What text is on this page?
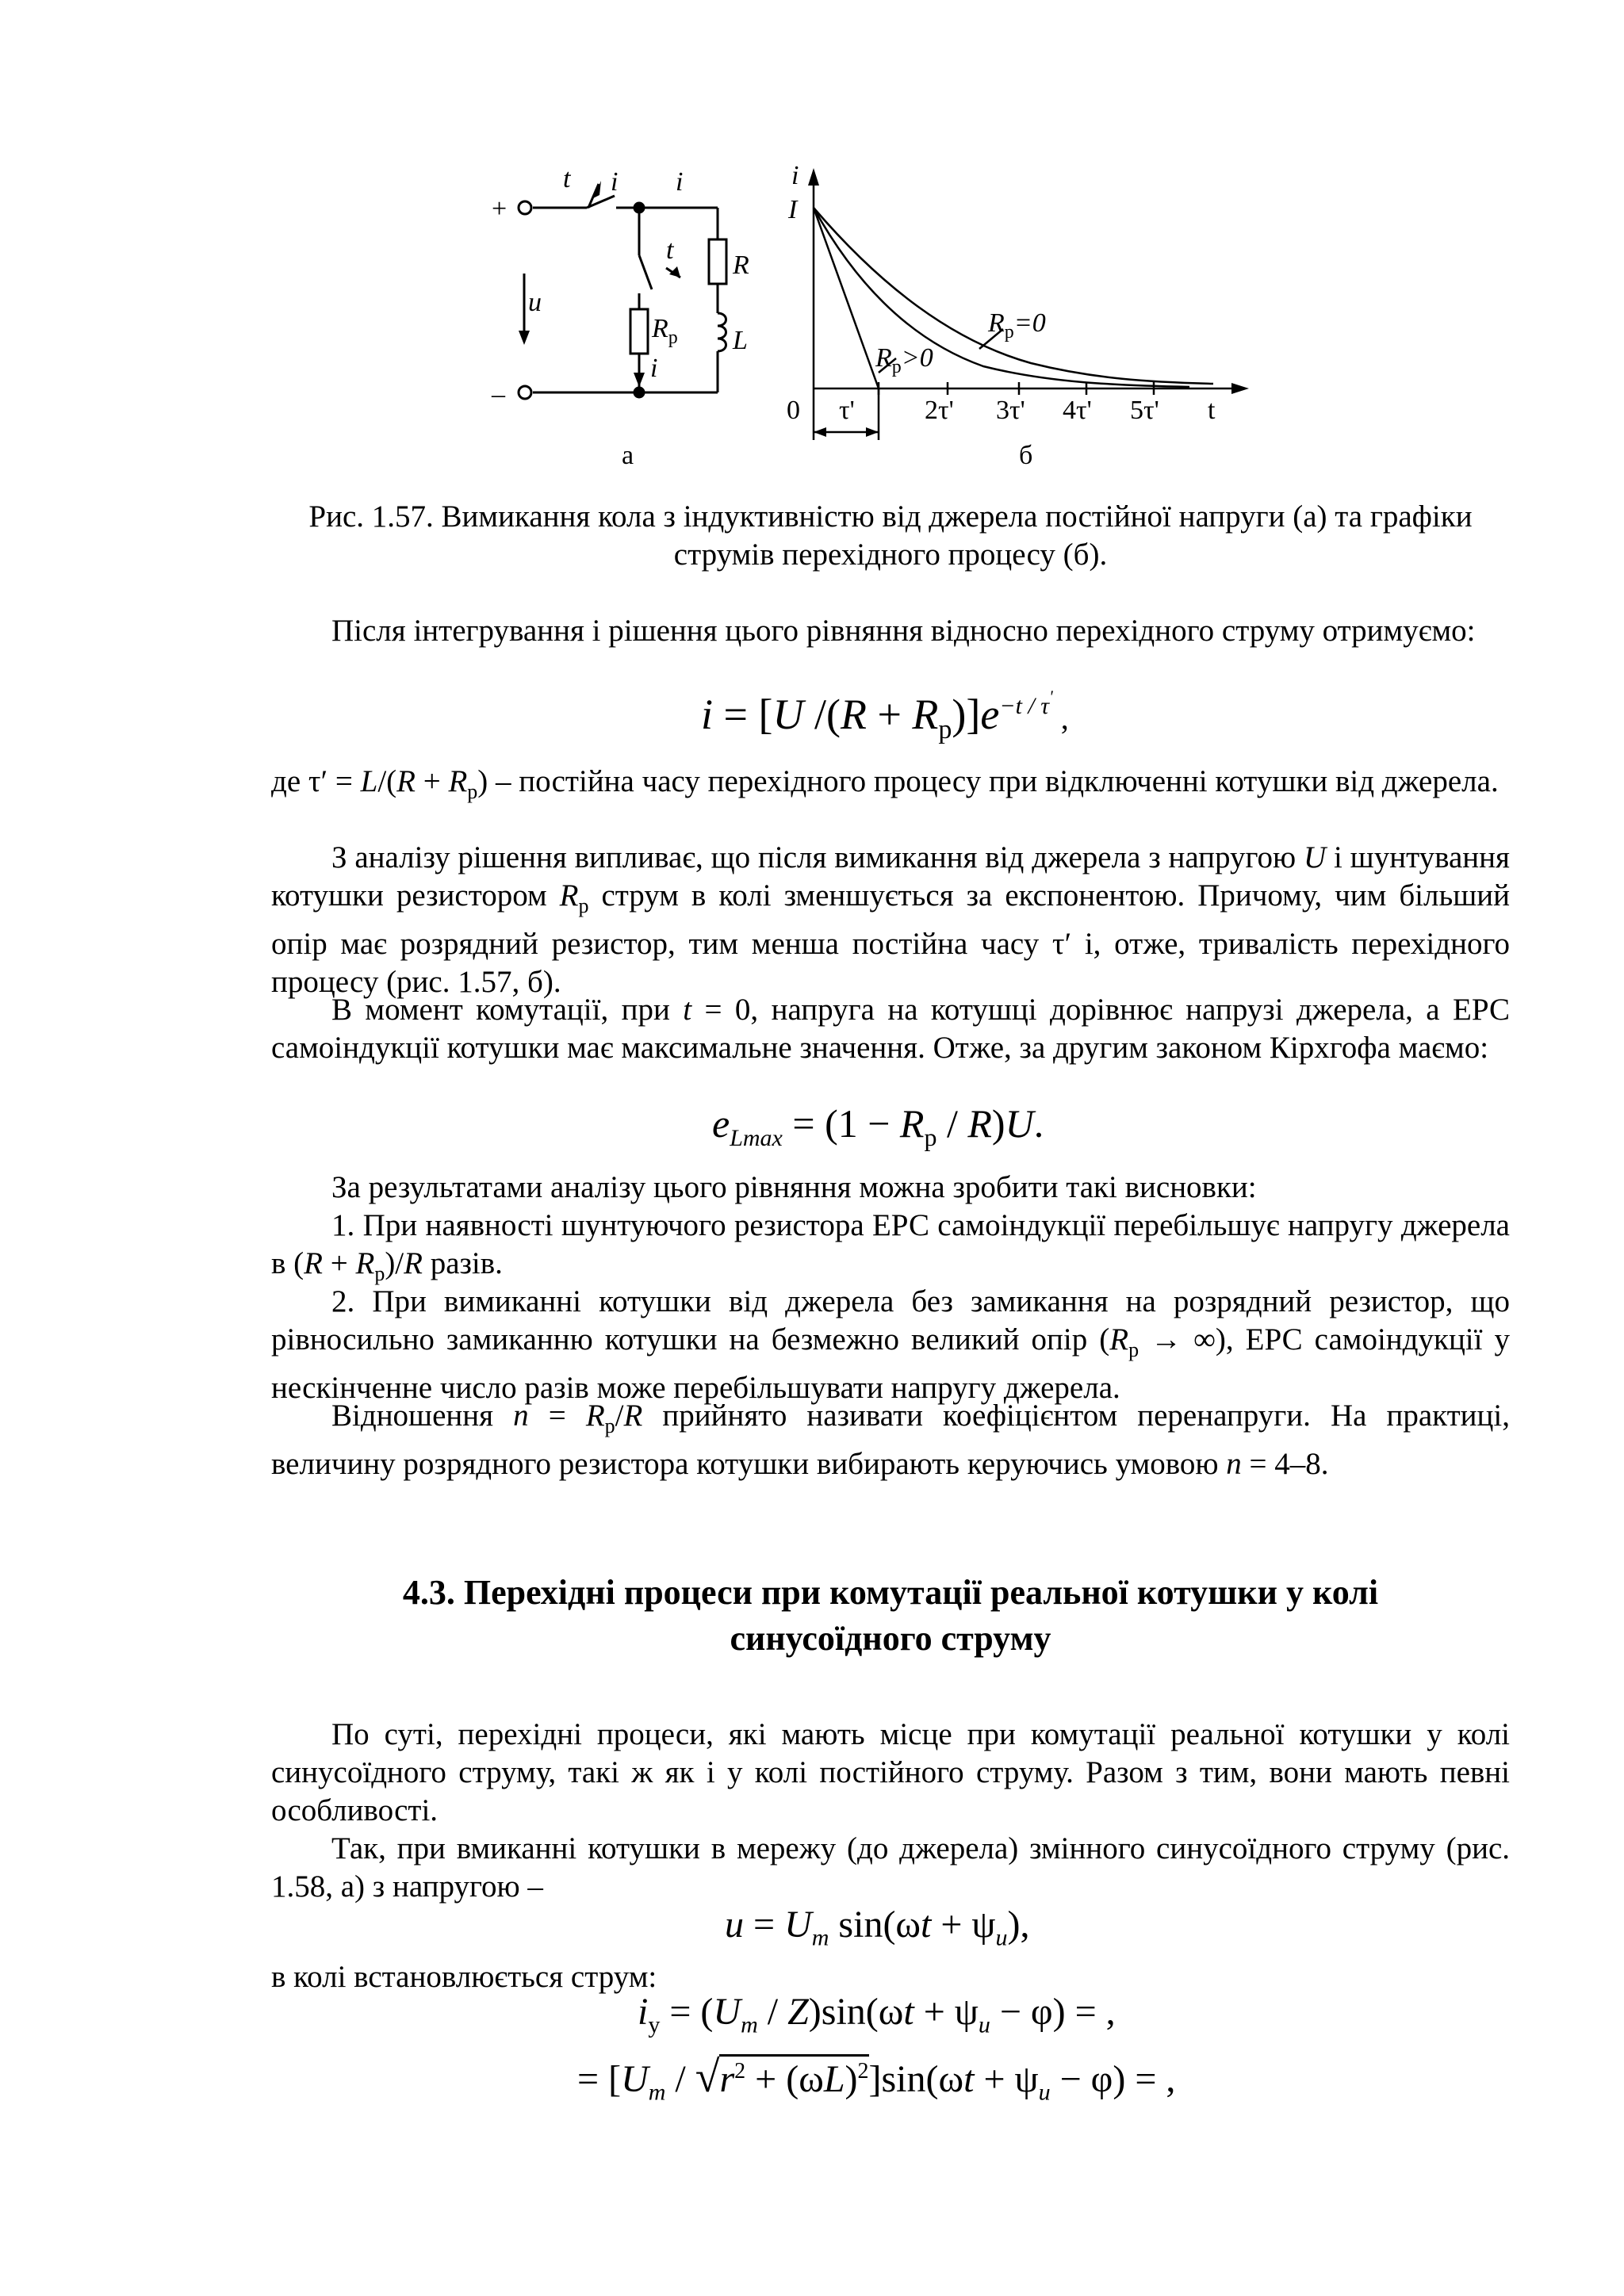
+
–
t i i
t
u
R
L
$R_р$
i
а
i
I
0
$R_р=0$
$R_р>0$
τ'	2τ' 3τ' 4τ' 5τ' t
б
Рис. 1.57. Вимикання кола з індуктивністю від джерела постійної напруги (а) та графіки струмів перехідного процесу (б).
Після інтегрування і рішення цього рівняння відносно перехідного струму отримуємо:
i = [U $/(R + R_р)]e^{-t / \tau'}$ ,
де $\tau' = L/(R + R_р)$ – постійна часу перехідного процесу при відключенні котушки від джерела.
З аналізу рішення випливає, що після вимикання від джерела з напругою U і шунтування котушки резистором $R_р$ струм в колі зменшується за експонентою. Причому, чим більший опір має розрядний резистор, тим менша постійна часу τ′ і, отже, тривалість перехідного процесу (рис. 1.57, б).
В момент комутації, при t = 0, напруга на котушці дорівнює напрузі джерела, а ЕРС самоіндукції котушки має максимальне значення. Отже, за другим законом Кірхгофа маємо:
$e_{Lmax} = (1 - R_р / R)U$.
За результатами аналізу цього рівняння можна зробити такі висновки:
1. При наявності шунтуючого резистора ЕРС самоіндукції перебільшує напругу джерела в $(R + R_р)/R$ разів.
2. При вимиканні котушки від джерела без замикання на розрядний резистор, що рівносильно замиканню котушки на безмежно великий опір ($R_р$ → ∞), ЕРС самоіндукції у нескінченне число разів може перебільшувати напругу джерела.
Відношення $n = R_р/R$ прийнято називати коефіцієнтом перенапруги. На практиці, величину розрядного резистора котушки вибирають керуючись умовою n = 4–8.
4.3. Перехідні процеси при комутації реальної котушки у колі
синусоїдного струму
По суті, перехідні процеси, які мають місце при комутації реальної котушки у колі синусоїдного струму, такі ж як і у колі постійного струму. Разом з тим, вони мають певні особливості.
Так, при вмиканні котушки в мережу (до джерела) змінного синусоїдного струму (рис. 1.58, а) з напругою –
$u = U_m$ $\sin(\omega t + \psi_u)$,
в колі встановлюється струм:
$i_у = (U_m / Z)\sin(\omega t + \psi_u - \varphi)$ = ,
= $[U_m / √r^2 + (\omega L)^2]\sin(\omega t + \psi_u - \varphi)$ = ,
